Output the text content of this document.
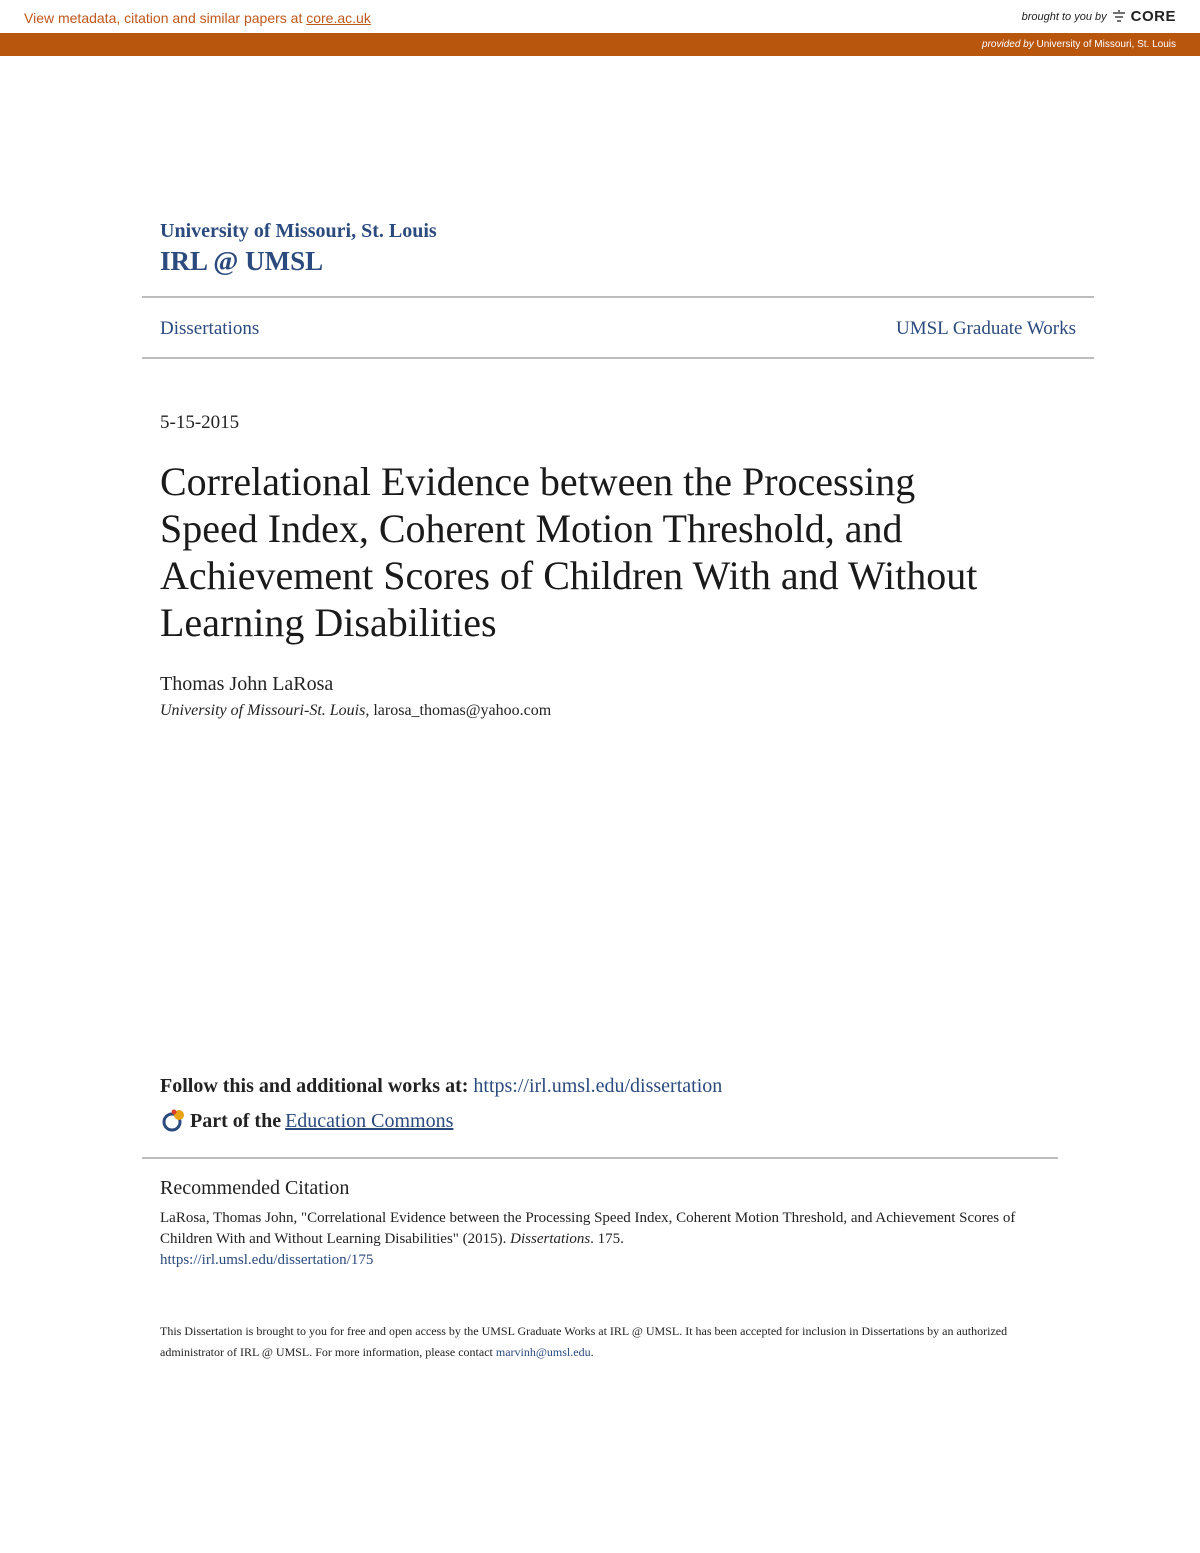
View metadata, citation and similar papers at core.ac.uk	brought to you by CORE
provided by University of Missouri, St. Louis
University of Missouri, St. Louis
IRL @ UMSL
Dissertations	UMSL Graduate Works
5-15-2015
Correlational Evidence between the Processing Speed Index, Coherent Motion Threshold, and Achievement Scores of Children With and Without Learning Disabilities
Thomas John LaRosa
University of Missouri-St. Louis, larosa_thomas@yahoo.com
Follow this and additional works at: https://irl.umsl.edu/dissertation
Part of the Education Commons
Recommended Citation
LaRosa, Thomas John, "Correlational Evidence between the Processing Speed Index, Coherent Motion Threshold, and Achievement Scores of Children With and Without Learning Disabilities" (2015). Dissertations. 175.
https://irl.umsl.edu/dissertation/175
This Dissertation is brought to you for free and open access by the UMSL Graduate Works at IRL @ UMSL. It has been accepted for inclusion in Dissertations by an authorized administrator of IRL @ UMSL. For more information, please contact marvinh@umsl.edu.
